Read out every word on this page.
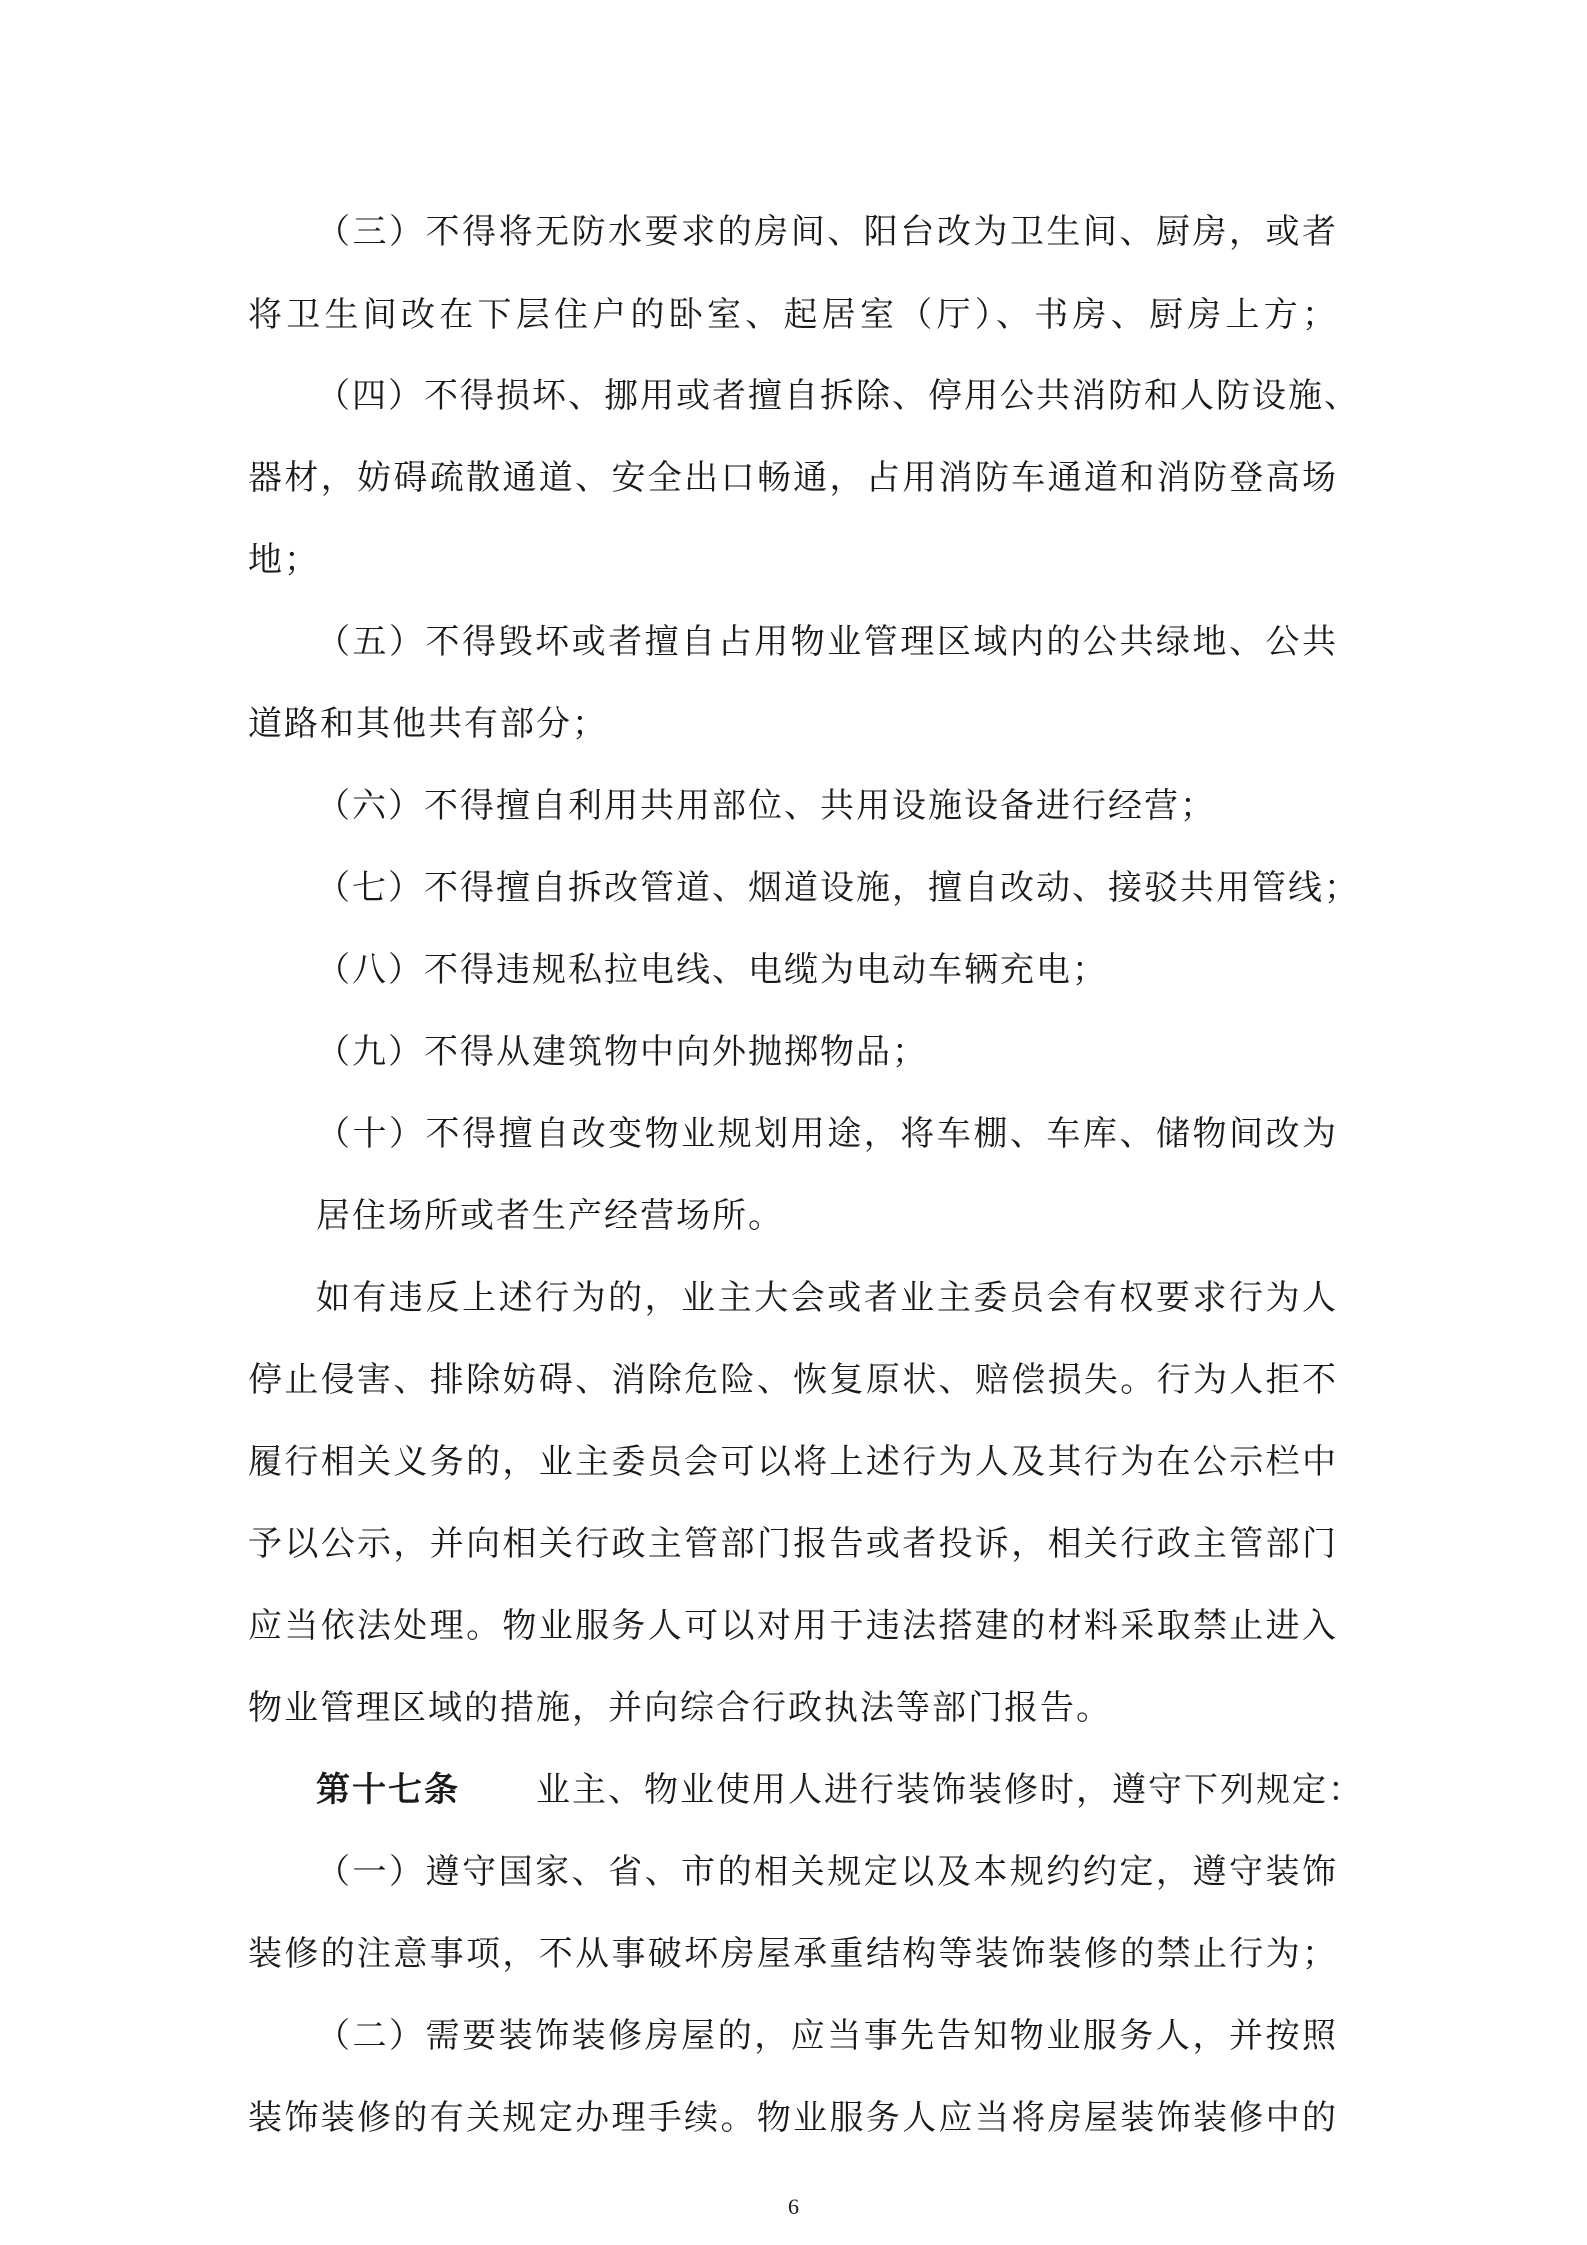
（三）不得将无防水要求的房间、阳台改为卫生间、厨房，或者
将卫生间改在下层住户的卧室、起居室（厅）、书房、厨房上方；
（四）不得损坏、挪用或者擅自拆除、停用公共消防和人防设施、
器材，妨碍疏散通道、安全出口畅通，占用消防车通道和消防登高场
地；
（五）不得毁坏或者擅自占用物业管理区域内的公共绿地、公共
道路和其他共有部分；
（六）不得擅自利用共用部位、共用设施设备进行经营；
（七）不得擅自拆改管道、烟道设施，擅自改动、接驳共用管线；
（八）不得违规私拉电线、电缆为电动车辆充电；
（九）不得从建筑物中向外抛掷物品；
（十）不得擅自改变物业规划用途，将车棚、车库、储物间改为
居住场所或者生产经营场所。
如有违反上述行为的，业主大会或者业主委员会有权要求行为人
停止侵害、排除妨碍、消除危险、恢复原状、赔偿损失。行为人拒不
履行相关义务的，业主委员会可以将上述行为人及其行为在公示栏中
予以公示，并向相关行政主管部门报告或者投诉，相关行政主管部门
应当依法处理。物业服务人可以对用于违法搭建的材料采取禁止进入
物业管理区域的措施，并向综合行政执法等部门报告。
第十七条 业主、物业使用人进行装饰装修时，遵守下列规定：
（一）遵守国家、省、市的相关规定以及本规约约定，遵守装饰
装修的注意事项，不从事破坏房屋承重结构等装饰装修的禁止行为；
（二）需要装饰装修房屋的，应当事先告知物业服务人，并按照
装饰装修的有关规定办理手续。物业服务人应当将房屋装饰装修中的
6
